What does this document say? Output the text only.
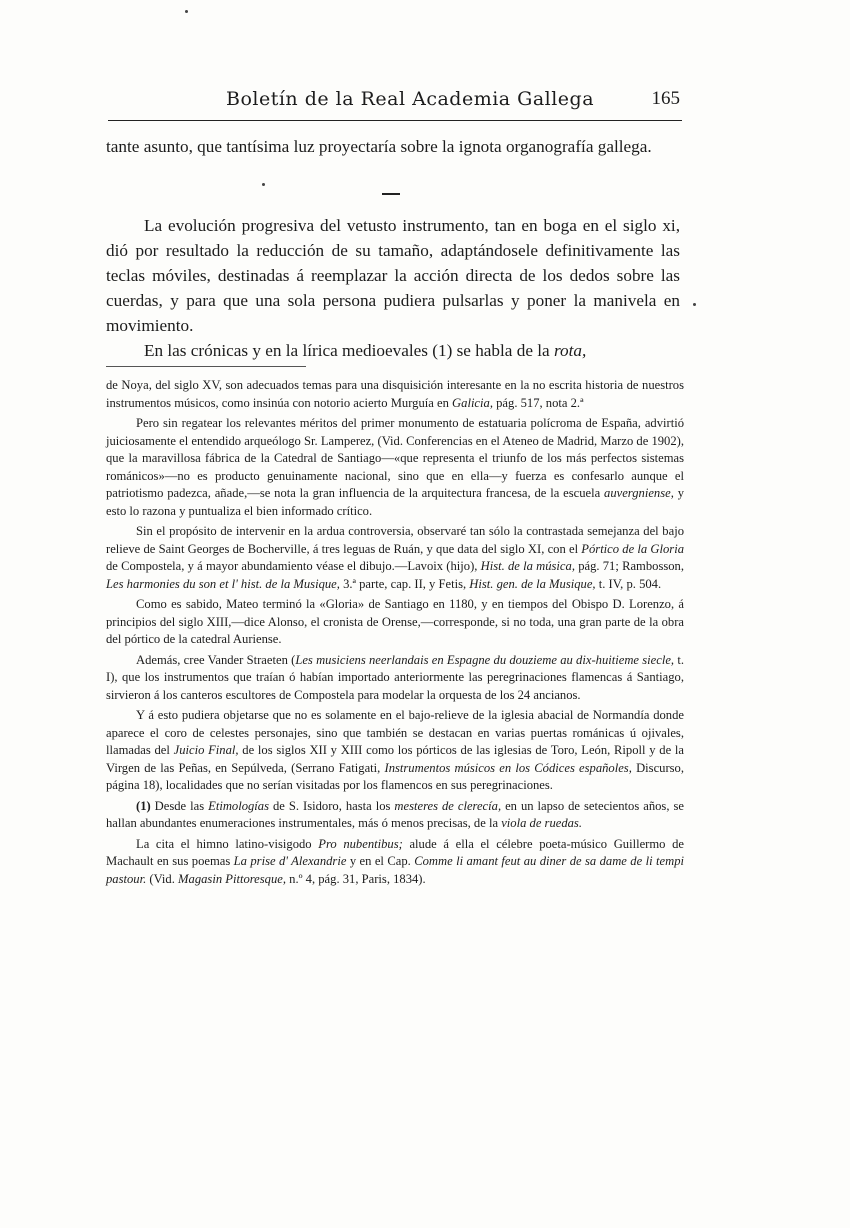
Boletín de la Real Academia Gallega	165

tante asunto, que tantísima luz proyectaría sobre la ignota organografía gallega.

La evolución progresiva del vetusto instrumento, tan en boga en el siglo xi, dió por resultado la reducción de su tamaño, adaptándosele definitivamente las teclas móviles, destinadas á reemplazar la acción directa de los dedos sobre las cuerdas, y para que una sola persona pudiera pulsarlas y poner la manivela en movimiento.

En las crónicas y en la lírica medioevales (1) se habla de la rota,

de Noya, del siglo XV, son adecuados temas para una disquisición interesante en la no escrita historia de nuestros instrumentos músicos, como insinúa con notorio acierto Murguía en Galicia, pág. 517, nota 2.ª

Pero sin regatear los relevantes méritos del primer monumento de estatuaria polícroma de España, advirtió juiciosamente el entendido arqueólogo Sr. Lamperez, (Vid. Conferencias en el Ateneo de Madrid, Marzo de 1902), que la maravillosa fábrica de la Catedral de Santiago—«que representa el triunfo de los más perfectos sistemas románicos»—no es producto genuinamente nacional, sino que en ella—y fuerza es confesarlo aunque el patriotismo padezca, añade,—se nota la gran influencia de la arquitectura francesa, de la escuela auvergniense, y esto lo razona y puntualiza el bien informado crítico.

Sin el propósito de intervenir en la ardua controversia, observaré tan sólo la contrastada semejanza del bajo relieve de Saint Georges de Bocherville, á tres leguas de Ruán, y que data del siglo XI, con el Pórtico de la Gloria de Compostela, y á mayor abundamiento véase el dibujo.—Lavoix (hijo), Hist. de la música, pág. 71; Rambosson, Les harmonies du son et l' hist. de la Musique, 3.ª parte, cap. II, y Fetis, Hist. gen. de la Musique, t. IV, p. 504.

Como es sabido, Mateo terminó la «Gloria» de Santiago en 1180, y en tiempos del Obispo D. Lorenzo, á principios del siglo XIII,—dice Alonso, el cronista de Orense,—corresponde, si no toda, una gran parte de la obra del pórtico de la catedral Auriense.

Además, cree Vander Straeten (Les musiciens neerlandais en Espagne du douzieme au dix-huitieme siecle, t. I), que los instrumentos que traían ó habían importado anteriormente las peregrinaciones flamencas á Santiago, sirvieron á los canteros escultores de Compostela para modelar la orquesta de los 24 ancianos.

Y á esto pudiera objetarse que no es solamente en el bajo-relieve de la iglesia abacial de Normandía donde aparece el coro de celestes personajes, sino que también se destacan en varias puertas románicas ú ojivales, llamadas del Juicio Final, de los siglos XII y XIII como los pórticos de las iglesias de Toro, León, Ripoll y de la Virgen de las Peñas, en Sepúlveda, (Serrano Fatigati, Instrumentos músicos en los Códices españoles, Discurso, página 18), localidades que no serían visitadas por los flamencos en sus peregrinaciones.

(1) Desde las Etimologías de S. Isidoro, hasta los mesteres de clerecía, en un lapso de setecientos años, se hallan abundantes enumeraciones instrumentales, más ó menos precisas, de la viola de ruedas.

La cita el himno latino-visigodo Pro nubentibus; alude á ella el célebre poeta-músico Guillermo de Machault en sus poemas La prise d' Alexandrie y en el Cap. Comme li amant feut au diner de sa dame de li tempi pastour. (Vid. Magasin Pittoresque, n.º 4, pág. 31, Paris, 1834).
